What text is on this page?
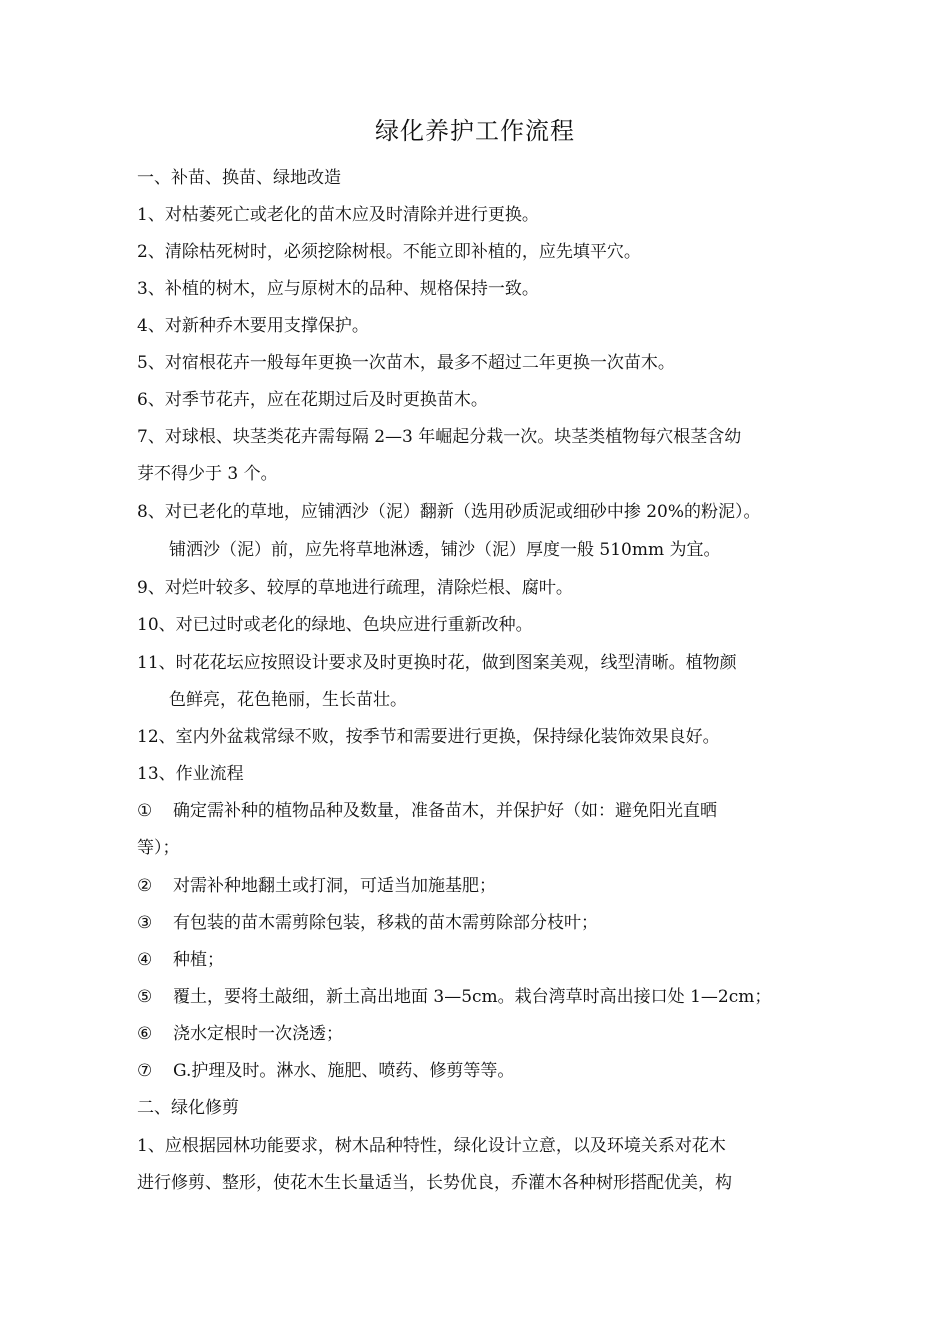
绿化养护工作流程
一、补苗、换苗、绿地改造
1、对枯萎死亡或老化的苗木应及时清除并进行更换。
2、清除枯死树时，必须挖除树根。不能立即补植的，应先填平穴。
3、补植的树木，应与原树木的品种、规格保持一致。
4、对新种乔木要用支撑保护。
5、对宿根花卉一般每年更换一次苗木，最多不超过二年更换一次苗木。
6、对季节花卉，应在花期过后及时更换苗木。
7、对球根、块茎类花卉需每隔 2—3 年崛起分栽一次。块茎类植物每穴根茎含幼
芽不得少于 3 个。
8、对已老化的草地，应铺洒沙（泥）翻新（选用砂质泥或细砂中掺 20%的粉泥）。
铺洒沙（泥）前，应先将草地淋透，铺沙（泥）厚度一般 510mm 为宜。
9、对烂叶较多、较厚的草地进行疏理，清除烂根、腐叶。
10、对已过时或老化的绿地、色块应进行重新改种。
11、时花花坛应按照设计要求及时更换时花，做到图案美观，线型清晰。植物颜
色鲜亮，花色艳丽，生长苗壮。
12、室内外盆栽常绿不败，按季节和需要进行更换，保持绿化装饰效果良好。
13、作业流程
① 确定需补种的植物品种及数量，准备苗木，并保护好（如：避免阳光直晒
等）；
② 对需补种地翻土或打洞，可适当加施基肥；
③ 有包装的苗木需剪除包装，移栽的苗木需剪除部分枝叶；
④ 种植；
⑤ 覆土，要将土敲细，新土高出地面 3—5cm。栽台湾草时高出接口处 1—2cm；
⑥ 浇水定根时一次浇透；
⑦ G.护理及时。淋水、施肥、喷药、修剪等等。
二、绿化修剪
1、应根据园林功能要求，树木品种特性，绿化设计立意，以及环境关系对花木
进行修剪、整形，使花木生长量适当，长势优良，乔灌木各种树形搭配优美，构
